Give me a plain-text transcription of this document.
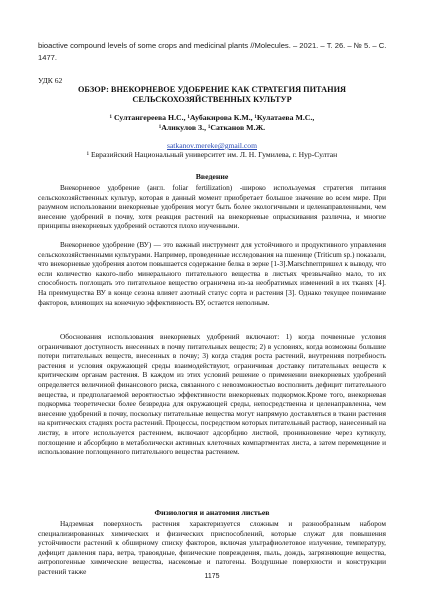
bioactive compound levels of some crops and medicinal plants //Molecules. – 2021. – Т. 26. – № 5. – С. 1477.
УДК 62
ОБЗОР: ВНЕКОРНЕВОЕ УДОБРЕНИЕ КАК СТРАТЕГИЯ ПИТАНИЯ СЕЛЬСКОХОЗЯЙСТВЕННЫХ КУЛЬТУР
¹ Султангереева Н.С., ¹Аубакирова К.М., ¹Кулатаева М.С.,
¹Аликулов З., ¹Сатканов М.Ж.
satkanov.mereke@gmail.com
¹ Евразийский Национальный университет им. Л. Н. Гумилева, г. Нур-Султан
Введение
Внекорневое удобрение (англ. foliar fertilization) -широко используемая стратегия питания сельскохозяйственных культур, которая в данный момент приобретает большое значение во всем мире. При разумном использовании внекорневые удобрения могут быть более экологичными и целенаправленными, чем внесение удобрений в почву, хотя реакция растений на внекорневые опрыскивания различна, и многие принципы внекорневых удобрений остаются плохо изученными.
Внекорневое удобрение (ВУ) — это важный инструмент для устойчивого и продуктивного управления сельскохозяйственными культурами. Например, проведенные исследования на пшенице (Triticum sp.) показали, что внекорневые удобрения азотом повышается содержание белка в зерне [1-3].Marschnerпришел к выводу, что если количество какого-либо минерального питательного вещества в листьях чрезвычайно мало, то их способность поглощать это питательное вещество ограничена из-за необратимых изменений в их тканях [4]. На преимущества ВУ в конце сезона влияет азотный статус сорта и растения [3]. Однако текущее понимание факторов, влияющих на конечную эффективность ВУ, остается неполным.
Обоснования использования внекорневых удобрений включают: 1) когда почвенные условия ограничивают доступность внесенных в почву питательных веществ; 2) в условиях, когда возможны большие потери питательных веществ, внесенных в почву; 3) когда стадия роста растений, внутренняя потребность растения и условия окружающей среды взаимодействуют, ограничивая доставку питательных веществ к критическим органам растения. В каждом из этих условий решение о применении внекорневых удобрений определяется величиной финансового риска, связанного с невозможностью восполнить дефицит питательного вещества, и предполагаемой вероятностью эффективности внекорневых подкормок.Кроме того, внекорневая подкормка теоретически более безвредна для окружающей среды, непосредственна и целенаправленна, чем внесение удобрений в почву, поскольку питательные вещества могут напрямую доставляться в ткани растения на критических стадиях роста растений. Процессы, посредством которых питательный раствор, нанесенный на листву, в итоге используется растением, включают адсорбцию листвой, проникновение через кутикулу, поглощение и абсорбцию в метаболически активных клеточных компартментах листа, а затем перемещение и использование поглощенного питательного вещества растением.
Физиология и анатомия листьев
Надземная поверхность растения характеризуется сложным и разнообразным набором специализированных химических и физических приспособлений, которые служат для повышения устойчивости растений к обширному списку факторов, включая ультрафиолетовое излучение, температуру, дефицит давления пара, ветра, травоядные, физические повреждения, пыль, дождь, загрязняющие вещества, антропогенные химические вещества, насекомые и патогены. Воздушные поверхности и конструкции растений также
1175
